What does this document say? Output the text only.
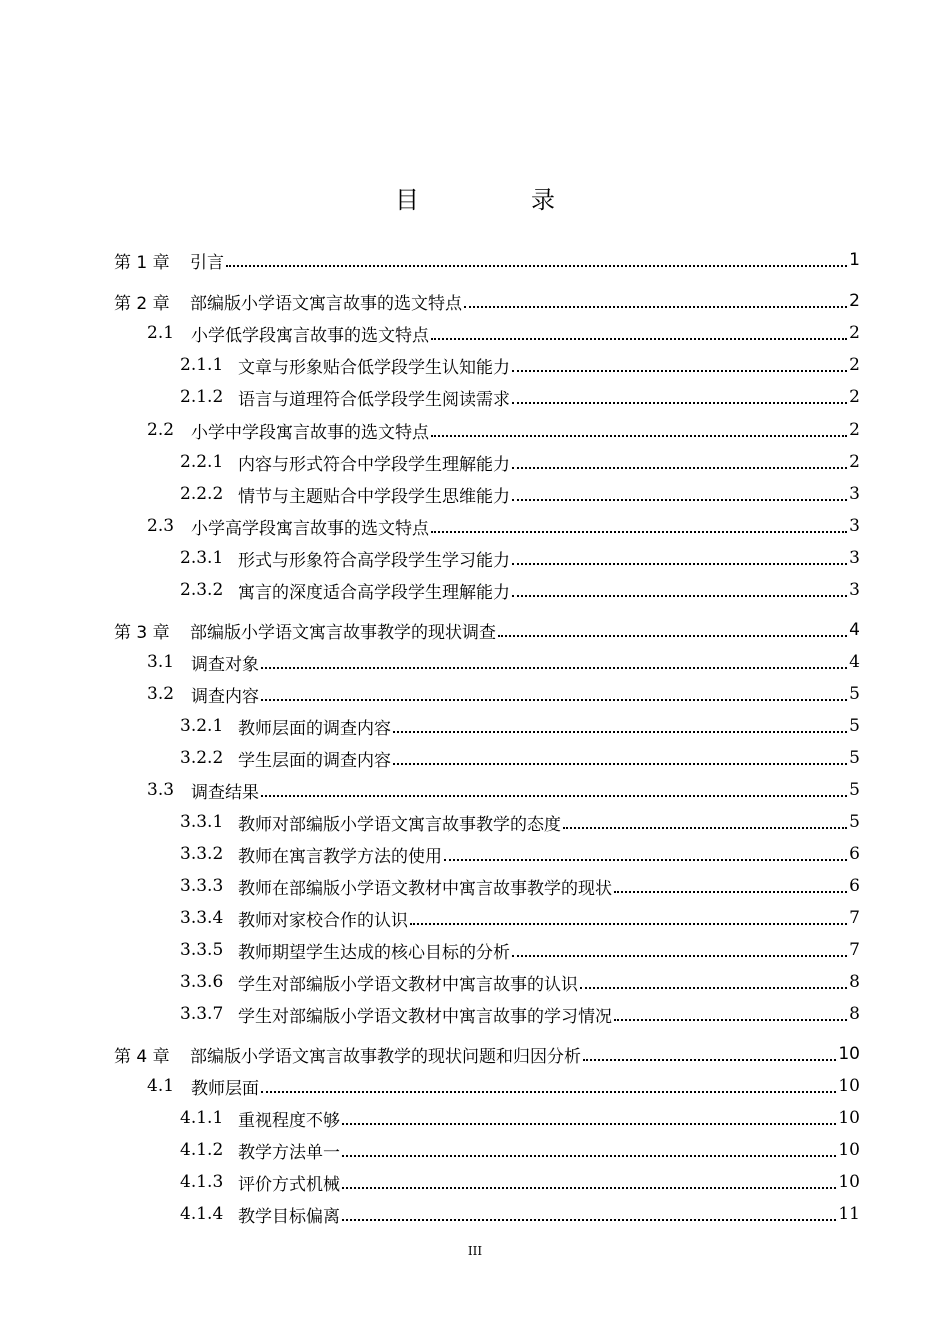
目　录
第 1 章	引言	1
第 2 章	部编版小学语文寓言故事的选文特点	2
2.1 小学低学段寓言故事的选文特点	2
2.1.1 文章与形象贴合低学段学生认知能力	2
2.1.2 语言与道理符合低学段学生阅读需求	2
2.2 小学中学段寓言故事的选文特点	2
2.2.1 内容与形式符合中学段学生理解能力	2
2.2.2 情节与主题贴合中学段学生思维能力	3
2.3 小学高学段寓言故事的选文特点	3
2.3.1 形式与形象符合高学段学生学习能力	3
2.3.2 寓言的深度适合高学段学生理解能力	3
第 3 章	部编版小学语文寓言故事教学的现状调查	4
3.1 调查对象	4
3.2 调查内容	5
3.2.1 教师层面的调查内容	5
3.2.2 学生层面的调查内容	5
3.3 调查结果	5
3.3.1 教师对部编版小学语文寓言故事教学的态度	5
3.3.2 教师在寓言教学方法的使用	6
3.3.3 教师在部编版小学语文教材中寓言故事教学的现状	6
3.3.4 教师对家校合作的认识	7
3.3.5 教师期望学生达成的核心目标的分析	7
3.3.6 学生对部编版小学语文教材中寓言故事的认识	8
3.3.7 学生对部编版小学语文教材中寓言故事的学习情况	8
第 4 章	部编版小学语文寓言故事教学的现状问题和归因分析	10
4.1 教师层面	10
4.1.1 重视程度不够	10
4.1.2 教学方法单一	10
4.1.3 评价方式机械	10
4.1.4 教学目标偏离	11
III
